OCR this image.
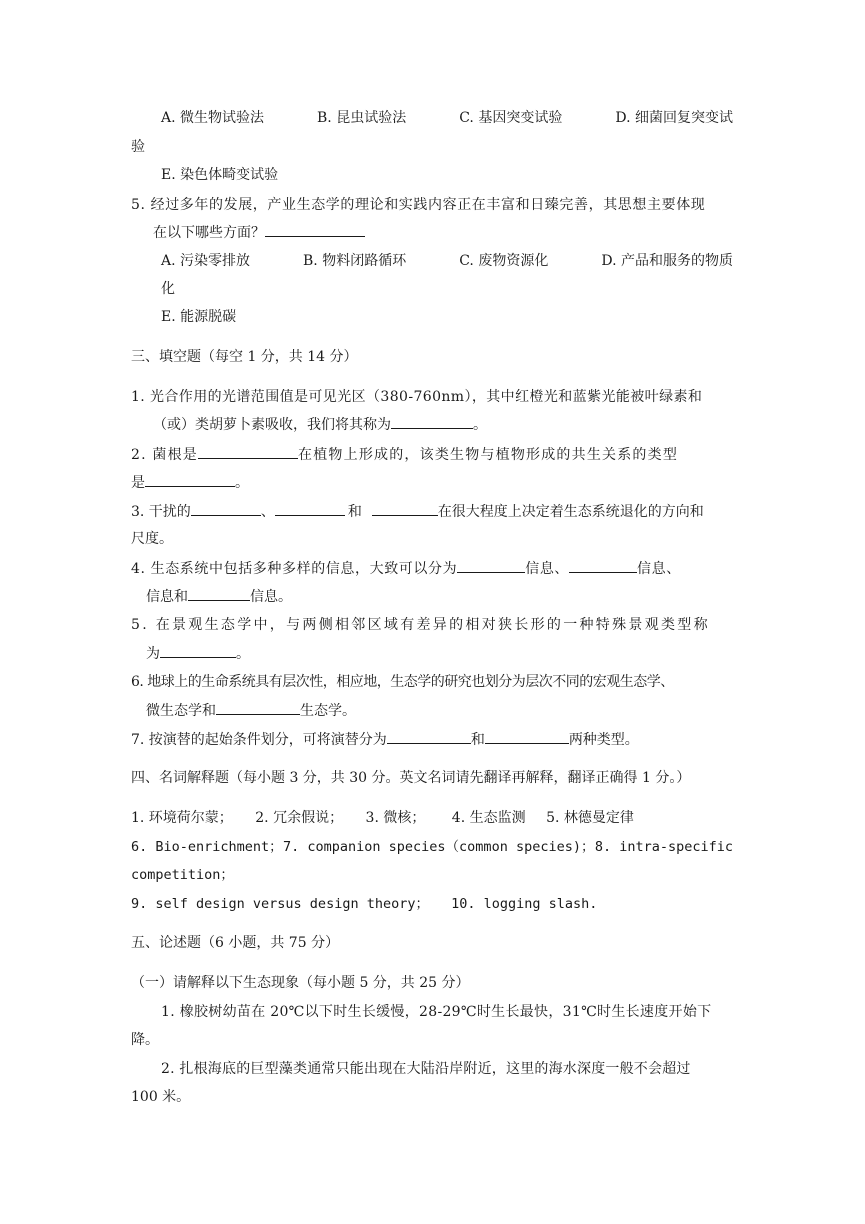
A. 微生物试验法	B. 昆虫试验法	C. 基因突变试验	D. 细菌回复突变试
验
E. 染色体畸变试验
5. 经过多年的发展，产业生态学的理论和实践内容正在丰富和日臻完善，其思想主要体现
在以下哪些方面？
A. 污染零排放	B. 物料闭路循环	C. 废物资源化	D. 产品和服务的物质
化
E. 能源脱碳
三、填空题（每空 1 分，共 14 分）
1. 光合作用的光谱范围值是可见光区（380-760nm），其中红橙光和蓝紫光能被叶绿素和
（或）类胡萝卜素吸收，我们将其称为	。
2. 菌根是	在植物上形成的，该类生物与植物形成的共生关系的类型
是	。
3. 干扰的	、	和	在很大程度上决定着生态系统退化的方向和
尺度。
4. 生态系统中包括多种多样的信息，大致可以分为	信息、	信息、
信息和	信息。
5. 在景观生态学中，与两侧相邻区域有差异的相对狭长形的一种特殊景观类型称
为	。
6. 地球上的生命系统具有层次性，相应地，生态学的研究也划分为层次不同的宏观生态学、
微生态学和	生态学。
7. 按演替的起始条件划分，可将演替分为	和	两种类型。
四、名词解释题（每小题 3 分，共 30 分。英文名词请先翻译再解释，翻译正确得 1 分。）
1. 环境荷尔蒙； 2. 冗余假说； 3. 微核； 4. 生态监测 5. 林德曼定律
6. Bio-enrichment； 7. companion species（common species)； 8. intra-specific
competition；
9. self design versus design theory； 10. logging slash.
五、论述题（6 小题，共 75 分）
（一）请解释以下生态现象（每小题 5 分，共 25 分）
1. 橡胶树幼苗在 20℃以下时生长缓慢，28-29℃时生长最快，31℃时生长速度开始下
降。
2. 扎根海底的巨型藻类通常只能出现在大陆沿岸附近，这里的海水深度一般不会超过
100 米。
